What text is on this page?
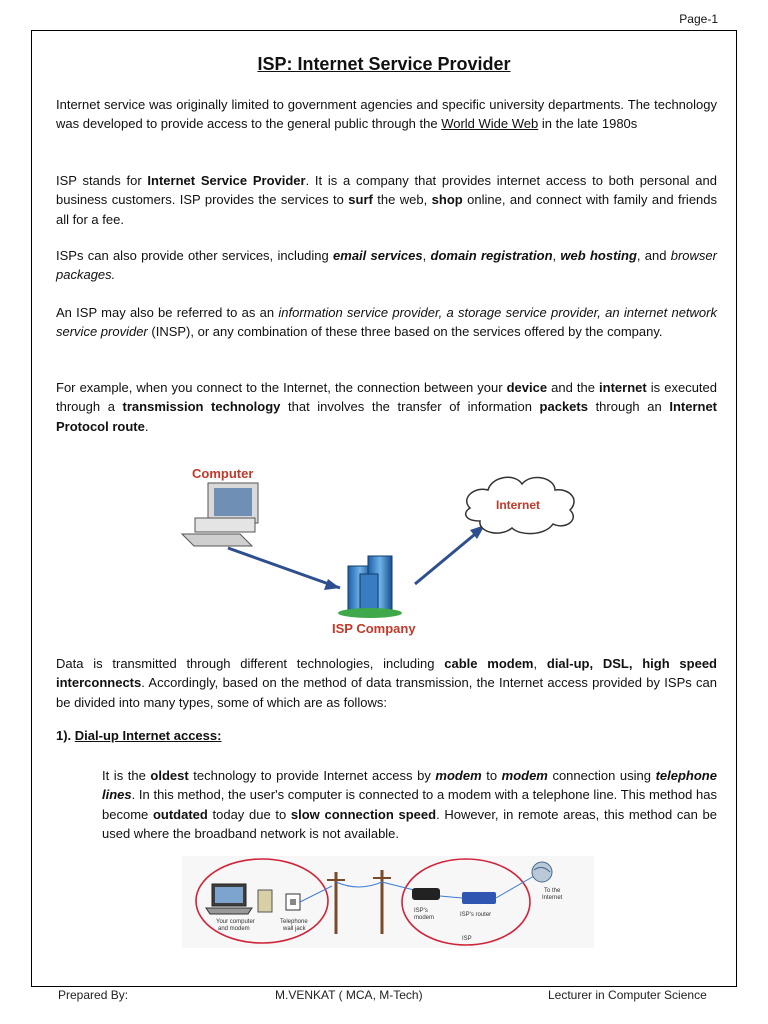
Page-1
ISP: Internet Service Provider

Internet service was originally limited to government agencies and specific university departments. The technology was developed to provide access to the general public through the World Wide Web in the late 1980s

ISP stands for Internet Service Provider. It is a company that provides internet access to both personal and business customers. ISP provides the services to surf the web, shop online, and connect with family and friends all for a fee.

ISPs can also provide other services, including email services, domain registration, web hosting, and browser packages.

An ISP may also be referred to as an information service provider, a storage service provider, an internet network service provider (INSP), or any combination of these three based on the services offered by the company.

For example, when you connect to the Internet, the connection between your device and the internet is executed through a transmission technology that involves the transfer of information packets through an Internet Protocol route.

Computer
ISP Company
Internet

Data is transmitted through different technologies, including cable modem, dial-up, DSL, high speed interconnects. Accordingly, based on the method of data transmission, the Internet access provided by ISPs can be divided into many types, some of which are as follows:

1). Dial-up Internet access:

It is the oldest technology to provide Internet access by modem to modem connection using telephone lines. In this method, the user's computer is connected to a modem with a telephone line. This method has become outdated today due to slow connection speed. However, in remote areas, this method can be used where the broadband network is not available.

Your computer
and modem
Telephone
wall jack
ISP's
modem	ISP's router
To the
Internet
ISP
Prepared By:	M.VENKAT ( MCA, M-Tech)	Lecturer in Computer Science
